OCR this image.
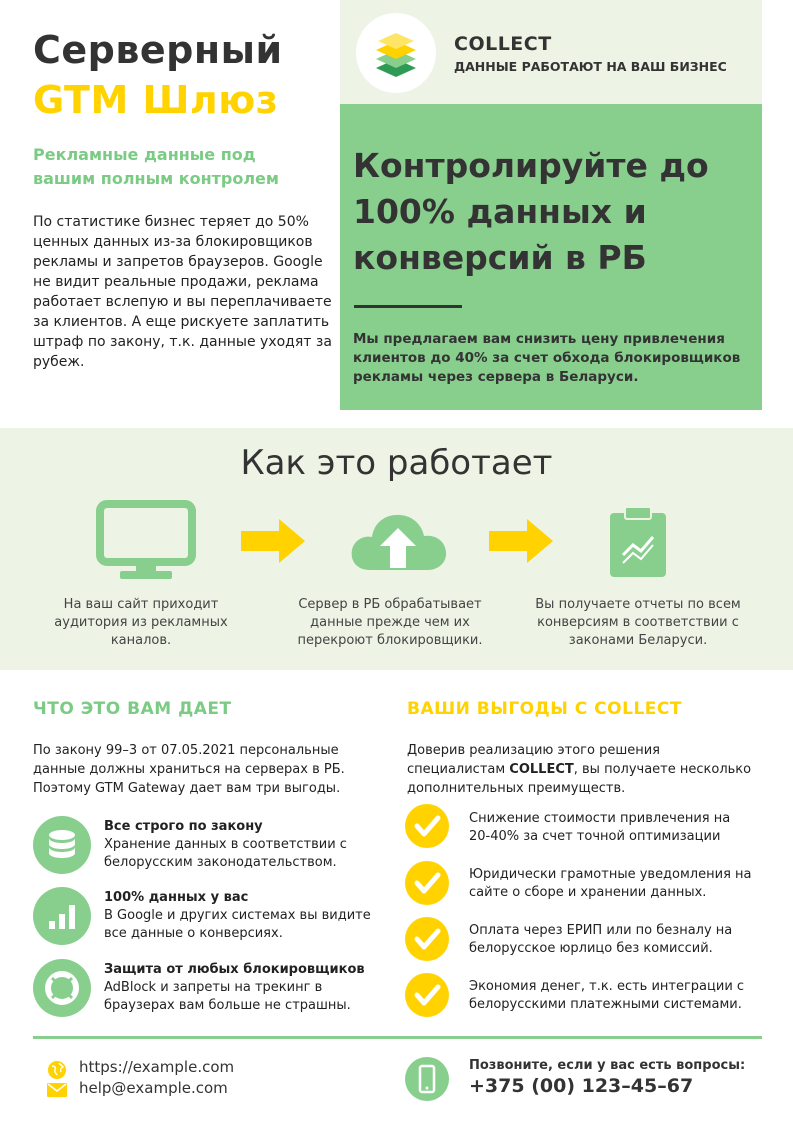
Серверный
GTM Шлюз
Рекламные данные под вашим полным контролем
По статистике бизнес теряет до 50% ценных данных из-за блокировщиков рекламы и запретов браузеров. Google не видит реальные продажи, реклама работает вслепую и вы переплачиваете за клиентов. А еще рискуете заплатить штраф по закону, т.к. данные уходят за рубеж.
COLLECT
ДАННЫЕ РАБОТАЮТ НА ВАШ БИЗНЕС
Контролируйте до 100% данных и конверсий в РБ
Мы предлагаем вам снизить цену привлечения клиентов до 40% за счет обхода блокировщиков рекламы через сервера в Беларуси.
Как это работает
На ваш сайт приходит аудитория из рекламных каналов.
Сервер в РБ обрабатывает данные прежде чем их перекроют блокировщики.
Вы получаете отчеты по всем конверсиям в соответствии с законами Беларуси.
ЧТО ЭТО ВАМ ДАЕТ
По закону 99–3 от 07.05.2021 персональные данные должны храниться на серверах в РБ. Поэтому GTM Gateway дает вам три выгоды.
Все строго по закону
Хранение данных в соответствии с белорусским законодательством.
100% данных у вас
В Google и других системах вы видите все данные о конверсиях.
Защита от любых блокировщиков
AdBlock и запреты на трекинг в браузерах вам больше не страшны.
ВАШИ ВЫГОДЫ С COLLECT
Доверив реализацию этого решения специалистам COLLECT, вы получаете несколько дополнительных преимуществ.
Снижение стоимости привлечения на 20-40% за счет точной оптимизации
Юридически грамотные уведомления на сайте о сборе и хранении данных.
Оплата через ЕРИП или по безналу на белорусское юрлицо без комиссий.
Экономия денег, т.к. есть интеграции с белорусскими платежными системами.
https://example.com
help@example.com
Позвоните, если у вас есть вопросы:
+375 (00) 123–45–67
